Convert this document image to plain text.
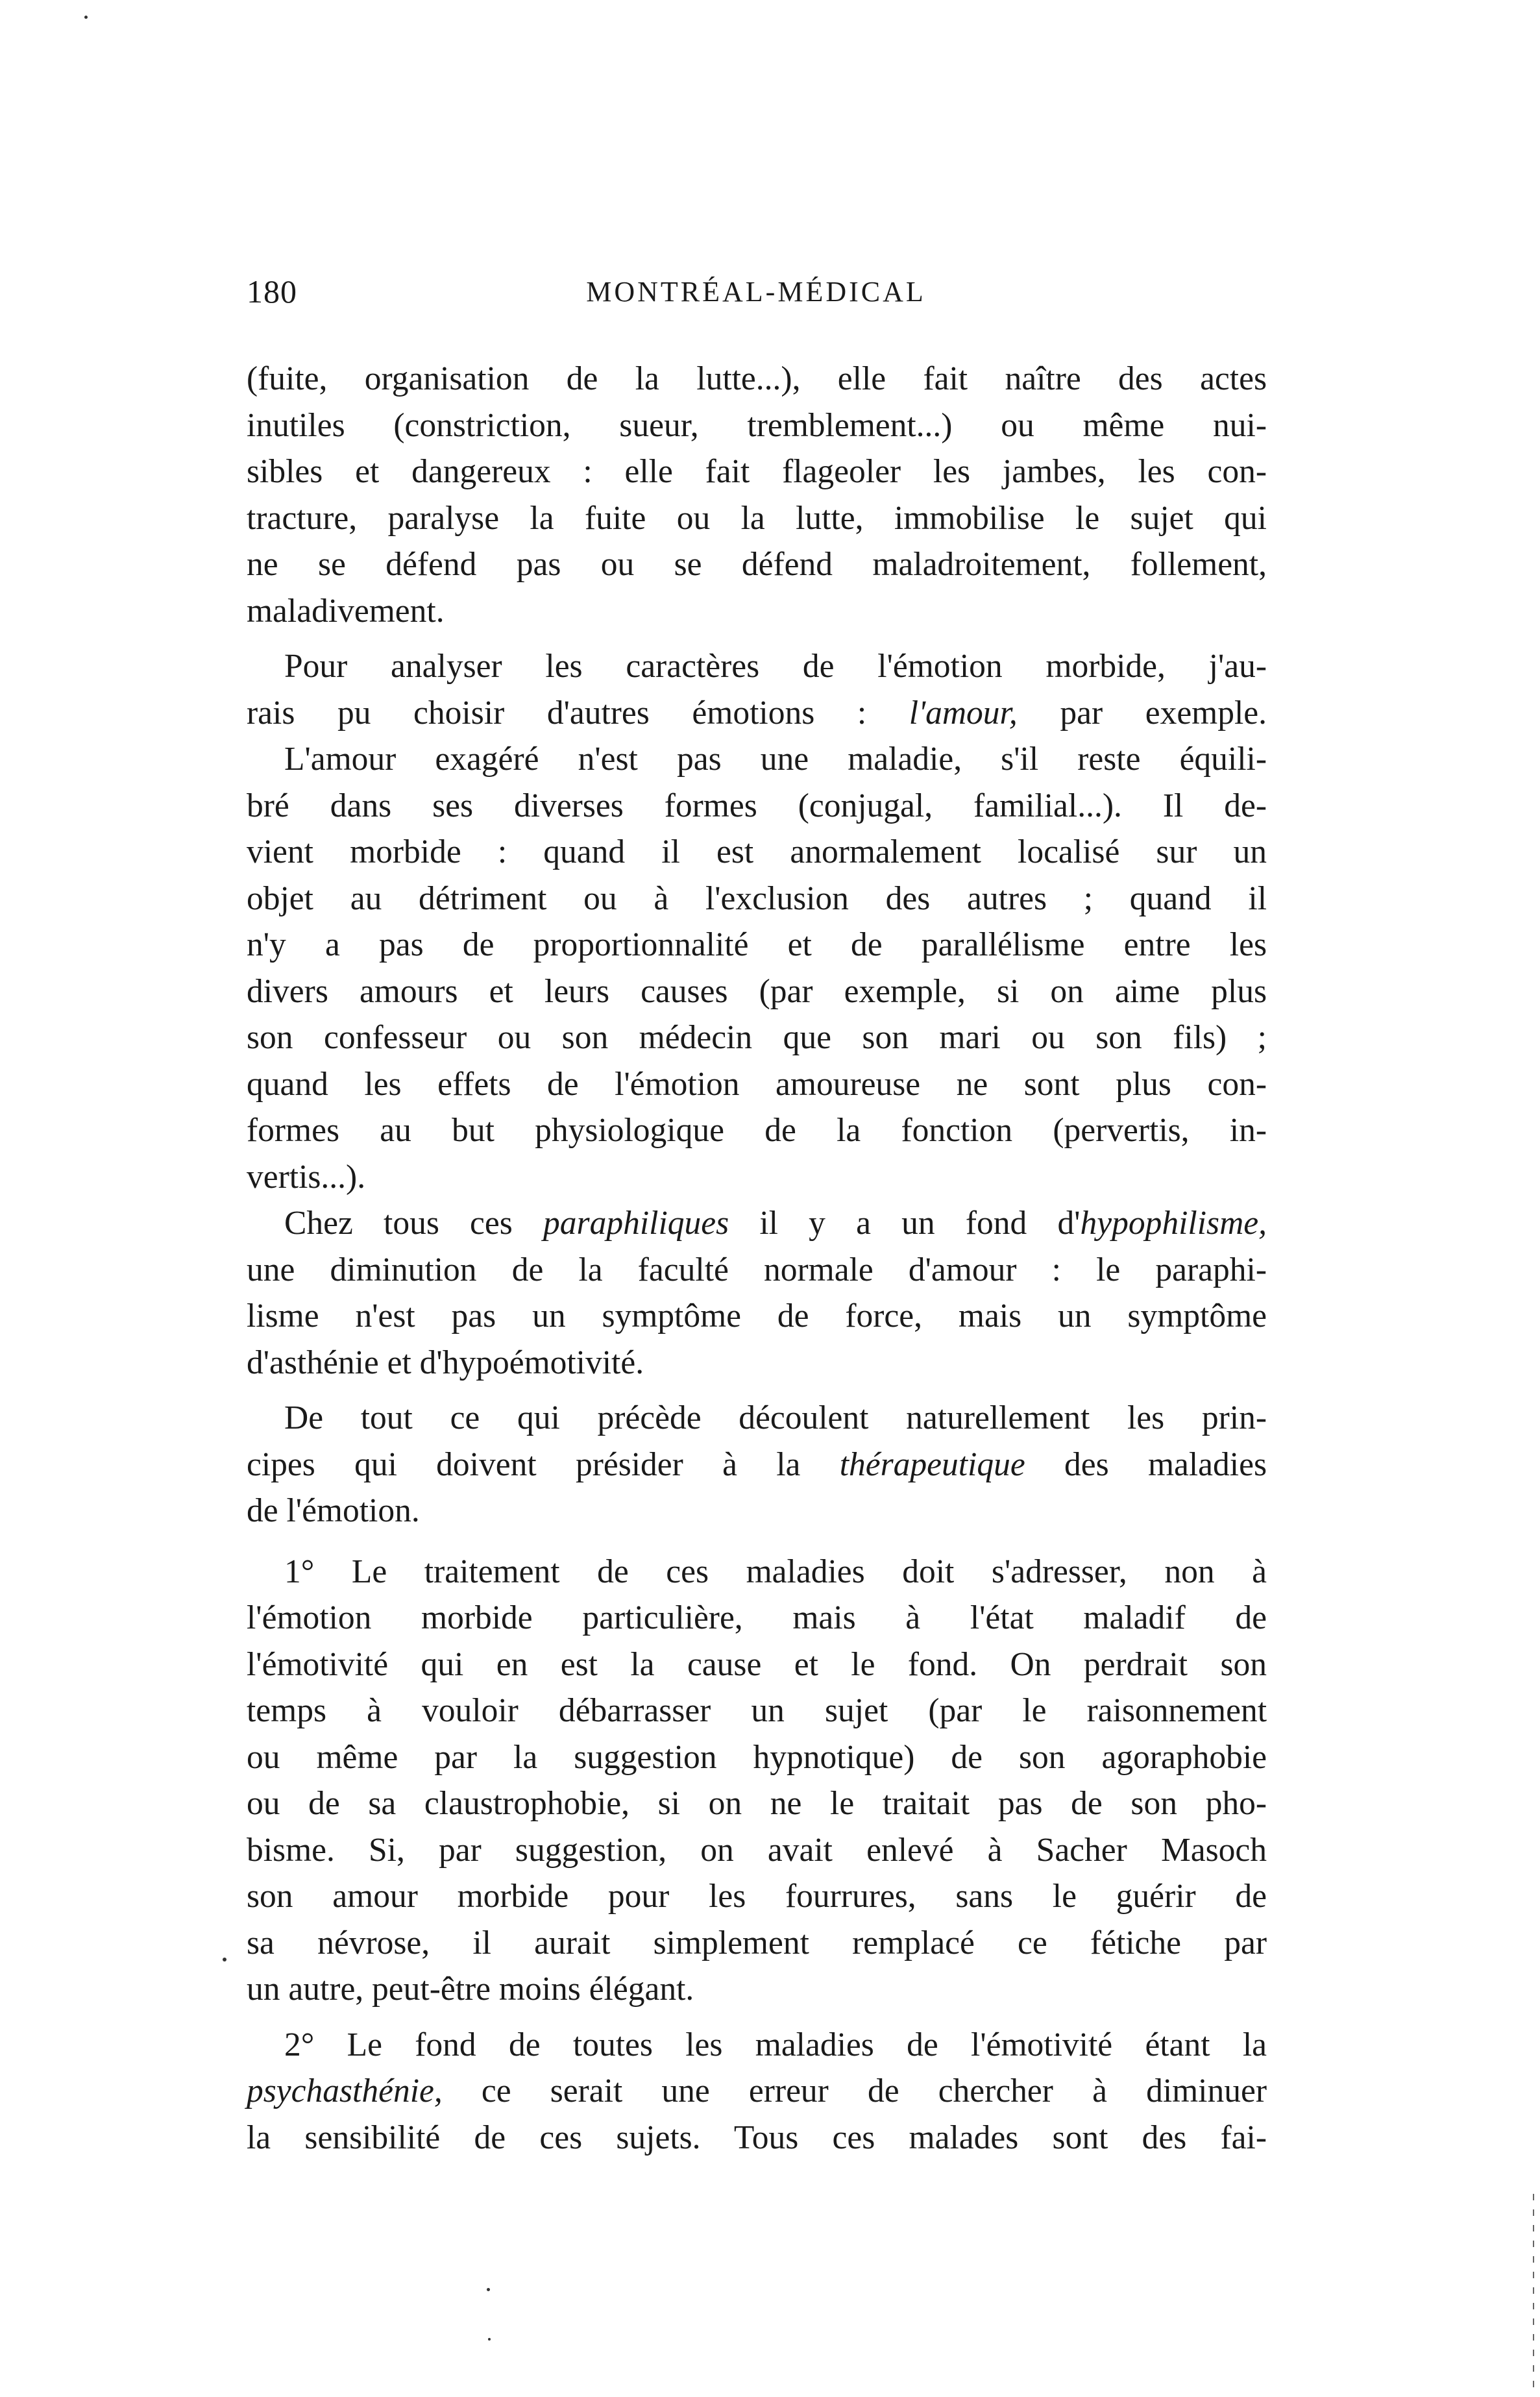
180	MONTRÉAL-MÉDICAL

(fuite, organisation de la lutte...), elle fait naître des actes
inutiles (constriction, sueur, tremblement...) ou même nui-
sibles et dangereux : elle fait flageoler les jambes, les con-
tracture, paralyse la fuite ou la lutte, immobilise le sujet qui
ne se défend pas ou se défend maladroitement, follement,
maladivement.

Pour analyser les caractères de l'émotion morbide, j'au-
rais pu choisir d'autres émotions : l'amour, par exemple.

L'amour exagéré n'est pas une maladie, s'il reste équili-
bré dans ses diverses formes (conjugal, familial...). Il de-
vient morbide : quand il est anormalement localisé sur un
objet au détriment ou à l'exclusion des autres ; quand il
n'y a pas de proportionnalité et de parallélisme entre les
divers amours et leurs causes (par exemple, si on aime plus
son confesseur ou son médecin que son mari ou son fils) ;
quand les effets de l'émotion amoureuse ne sont plus con-
formes au but physiologique de la fonction (pervertis, in-
vertis...).

Chez tous ces paraphiliques il y a un fond d'hypophilisme,
une diminution de la faculté normale d'amour : le paraphi-
lisme n'est pas un symptôme de force, mais un symptôme
d'asthénie et d'hypoémotivité.

De tout ce qui précède découlent naturellement les prin-
cipes qui doivent présider à la thérapeutique des maladies
de l'émotion.

1° Le traitement de ces maladies doit s'adresser, non à
l'émotion morbide particulière, mais à l'état maladif de
l'émotivité qui en est la cause et le fond. On perdrait son
temps à vouloir débarrasser un sujet (par le raisonnement
ou même par la suggestion hypnotique) de son agoraphobie
ou de sa claustrophobie, si on ne le traitait pas de son pho-
bisme. Si, par suggestion, on avait enlevé à Sacher Masoch
son amour morbide pour les fourrures, sans le guérir de
sa névrose, il aurait simplement remplacé ce fétiche par
un autre, peut-être moins élégant.

2° Le fond de toutes les maladies de l'émotivité étant la
psychasthénie, ce serait une erreur de chercher à diminuer
la sensibilité de ces sujets. Tous ces malades sont des fai-
